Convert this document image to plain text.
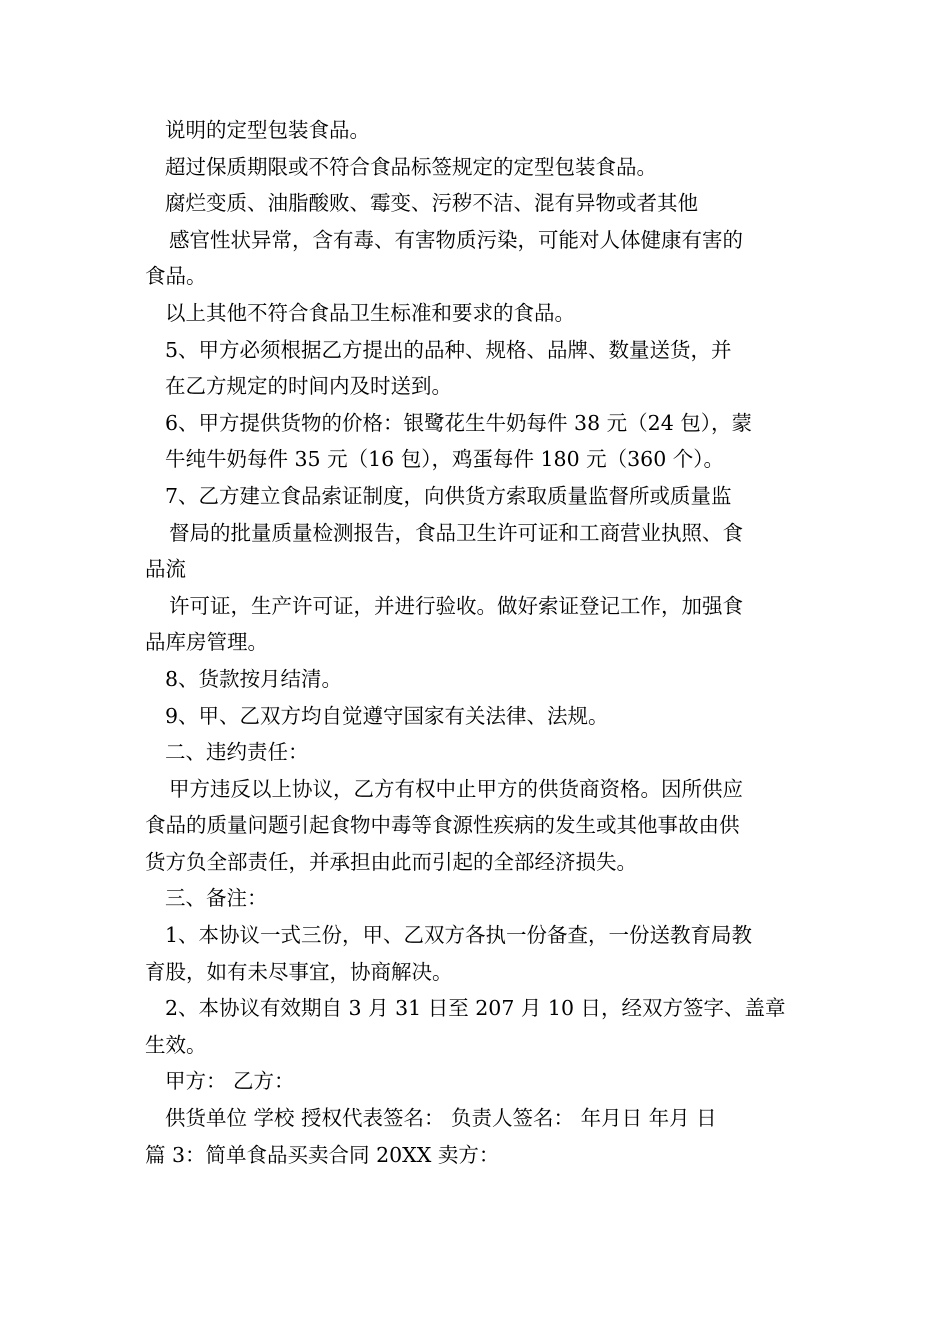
说明的定型包装食品。
超过保质期限或不符合食品标签规定的定型包装食品。
腐烂变质、油脂酸败、霉变、污秽不洁、混有异物或者其他
感官性状异常，含有毒、有害物质污染，可能对人体健康有害的
食品。
以上其他不符合食品卫生标准和要求的食品。
5、甲方必须根据乙方提出的品种、规格、品牌、数量送货，并
在乙方规定的时间内及时送到。
6、甲方提供货物的价格：银鹭花生牛奶每件 38 元（24 包），蒙
牛纯牛奶每件 35 元（16 包），鸡蛋每件 180 元（360 个）。
7、乙方建立食品索证制度，向供货方索取质量监督所或质量监
督局的批量质量检测报告，食品卫生许可证和工商营业执照、食
品流
许可证，生产许可证，并进行验收。做好索证登记工作，加强食
品库房管理。
8、货款按月结清。
9、甲、乙双方均自觉遵守国家有关法律、法规。
二、违约责任：
甲方违反以上协议，乙方有权中止甲方的供货商资格。因所供应
食品的质量问题引起食物中毒等食源性疾病的发生或其他事故由供
货方负全部责任，并承担由此而引起的全部经济损失。
三、备注：
1、本协议一式三份，甲、乙双方各执一份备查，一份送教育局教
育股，如有未尽事宜，协商解决。
2、本协议有效期自 3 月 31 日至 207 月 10 日，经双方签字、盖章
生效。
甲方： 乙方：
供货单位 学校 授权代表签名： 负责人签名： 年月日 年月 日
篇 3：简单食品买卖合同 20XX 卖方：
